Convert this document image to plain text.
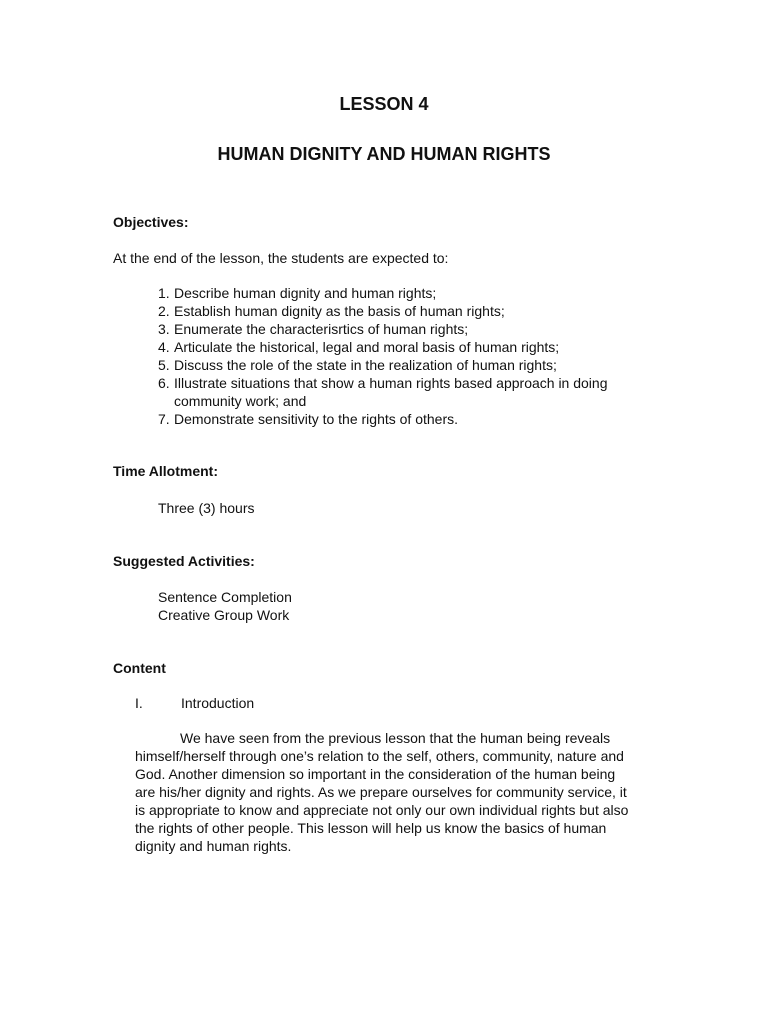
LESSON 4
HUMAN DIGNITY AND HUMAN RIGHTS
Objectives:
At the end of the lesson, the students are expected to:
1. Describe human dignity and human rights;
2. Establish human dignity as the basis of human rights;
3. Enumerate the characterisrtics of human rights;
4. Articulate the historical, legal and moral basis of human rights;
5. Discuss the role of the state in the realization of human rights;
6. Illustrate situations that show a human rights based approach in doing community work; and
7. Demonstrate sensitivity to the rights of others.
Time Allotment:
Three (3) hours
Suggested Activities:
Sentence Completion
Creative Group Work
Content
I.	Introduction

We have seen from the previous lesson that the human being reveals himself/herself through one’s relation to the self, others, community, nature and God. Another dimension so important in the consideration of the human being are his/her dignity and rights. As we prepare ourselves for community service, it is appropriate to know and appreciate not only our own individual rights but also the rights of other people. This lesson will help us know the basics of human dignity and human rights.
